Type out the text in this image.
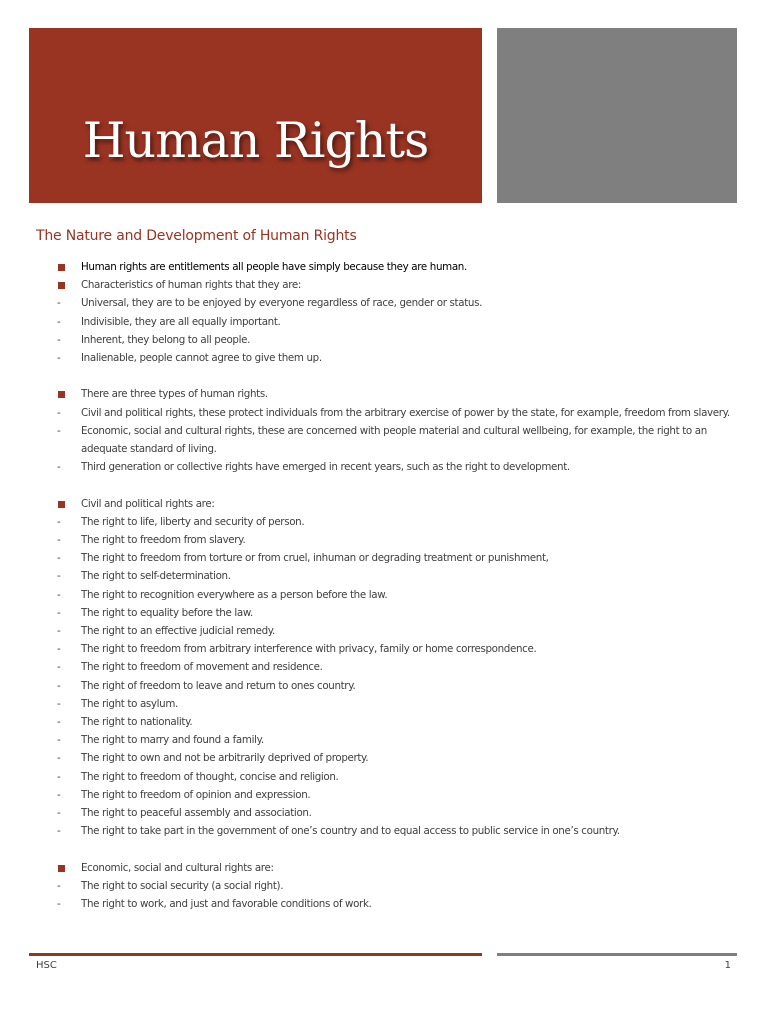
Human Rights
The Nature and Development of Human Rights
Human rights are entitlements all people have simply because they are human.
Characteristics of human rights that they are:
Universal, they are to be enjoyed by everyone regardless of race, gender or status.
Indivisible, they are all equally important.
Inherent, they belong to all people.
Inalienable, people cannot agree to give them up.
There are three types of human rights.
Civil and political rights, these protect individuals from the arbitrary exercise of power by the state, for example, freedom from slavery.
Economic, social and cultural rights, these are concerned with people material and cultural wellbeing, for example, the right to an adequate standard of living.
Third generation or collective rights have emerged in recent years, such as the right to development.
Civil and political rights are:
The right to life, liberty and security of person.
The right to freedom from slavery.
The right to freedom from torture or from cruel, inhuman or degrading treatment or punishment,
The right to self-determination.
The right to recognition everywhere as a person before the law.
The right to equality before the law.
The right to an effective judicial remedy.
The right to freedom from arbitrary interference with privacy, family or home correspondence.
The right to freedom of movement and residence.
The right of freedom to leave and return to ones country.
The right to asylum.
The right to nationality.
The right to marry and found a family.
The right to own and not be arbitrarily deprived of property.
The right to freedom of thought, concise and religion.
The right to freedom of opinion and expression.
The right to peaceful assembly and association.
The right to take part in the government of one’s country and to equal access to public service in one’s country.
Economic, social and cultural rights are:
The right to social security (a social right).
The right to work, and just and favorable conditions of work.
HSC	1
